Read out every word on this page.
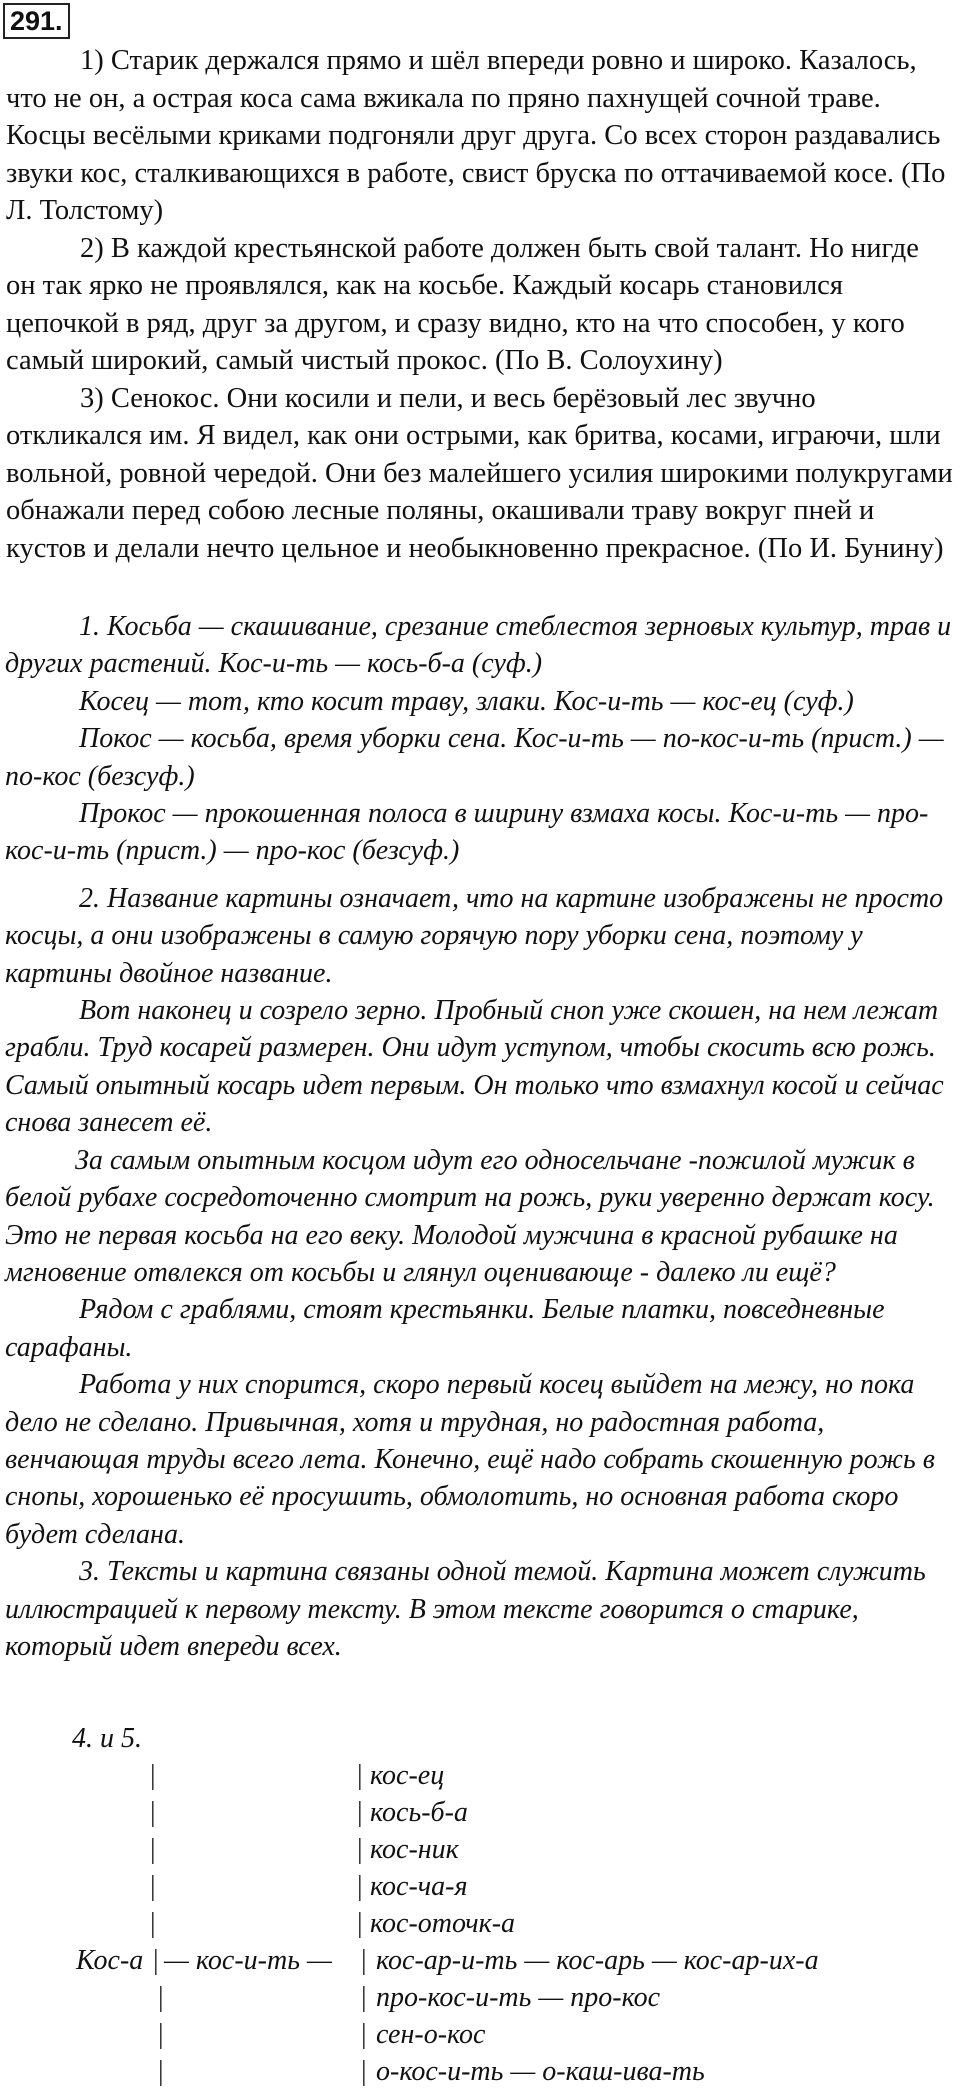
291.

1) Старик держался прямо и шёл впереди ровно и широко. Казалось, что не он, а острая коса сама вжикала по пряно пахнущей сочной траве. Косцы весёлыми криками подгоняли друг друга. Со всех сторон раздавались звуки кос, сталкивающихся в работе, свист бруска по оттачиваемой косе. (По Л. Толстому)

2) В каждой крестьянской работе должен быть свой талант. Но нигде он так ярко не проявлялся, как на косьбе. Каждый косарь становился цепочкой в ряд, друг за другом, и сразу видно, кто на что способен, у кого самый широкий, самый чистый прокос. (По В. Солоухину)

3) Сенокос. Они косили и пели, и весь берёзовый лес звучно откликался им. Я видел, как они острыми, как бритва, косами, играючи, шли вольной, ровной чередой. Они без малейшего усилия широкими полукругами обнажали перед собою лесные поляны, окашивали траву вокруг пней и кустов и делали нечто цельное и необыкновенно прекрасное. (По И. Бунину)

1. Косьба — скашивание, срезание стеблестоя зерновых культур, трав и других растений. Кос-и-ть — кось-б-а (суф.)

Косец — тот, кто косит траву, злаки. Кос-и-ть — кос-ец (суф.)

Покос — косьба, время уборки сена. Кос-и-ть — по-кос-и-ть (прист.) — по-кос (безсуф.)

Прокос — прокошенная полоса в ширину взмаха косы. Кос-и-ть — про-кос-и-ть (прист.) — про-кос (безсуф.)

2. Название картины означает, что на картине изображены не просто косцы, а они изображены в самую горячую пору уборки сена, поэтому у картины двойное название.

Вот наконец и созрело зерно. Пробный сноп уже скошен, на нем лежат грабли. Труд косарей размерен. Они идут уступом, чтобы скосить всю рожь.

Самый опытный косарь идет первым. Он только что взмахнул косой и сейчас снова занесет её.

За самым опытным косцом идут его односельчане -пожилой мужик в белой рубахе сосредоточенно смотрит на рожь, руки уверенно держат косу. Это не первая косьба на его веку. Молодой мужчина в красной рубашке на мгновение отвлекся от косьбы и глянул оценивающе - далеко ли ещё?

Рядом с граблями, стоят крестьянки. Белые платки, повседневные сарафаны.

Работа у них спорится, скоро первый косец выйдет на межу, но пока дело не сделано. Привычная, хотя и трудная, но радостная работа, венчающая труды всего лета. Конечно, ещё надо собрать скошенную рожь в снопы, хорошенько её просушить, обмолотить, но основная работа скоро будет сделана.

3. Тексты и картина связаны одной темой. Картина может служить иллюстрацией к первому тексту. В этом тексте говорится о старике, который идет впереди всех.

4. и 5.
|
|
|
|
|
Кос-а | — кос-и-ть —
|
|
|
| кос-ец
| кось-б-а
| кос-ник
| кос-ча-я
| кос-оточк-а
| кос-ар-и-ть — кос-арь — кос-ар-их-а
| про-кос-и-ть — про-кос
| сен-о-кос
| о-кос-и-ть — о-каш-ива-ть
